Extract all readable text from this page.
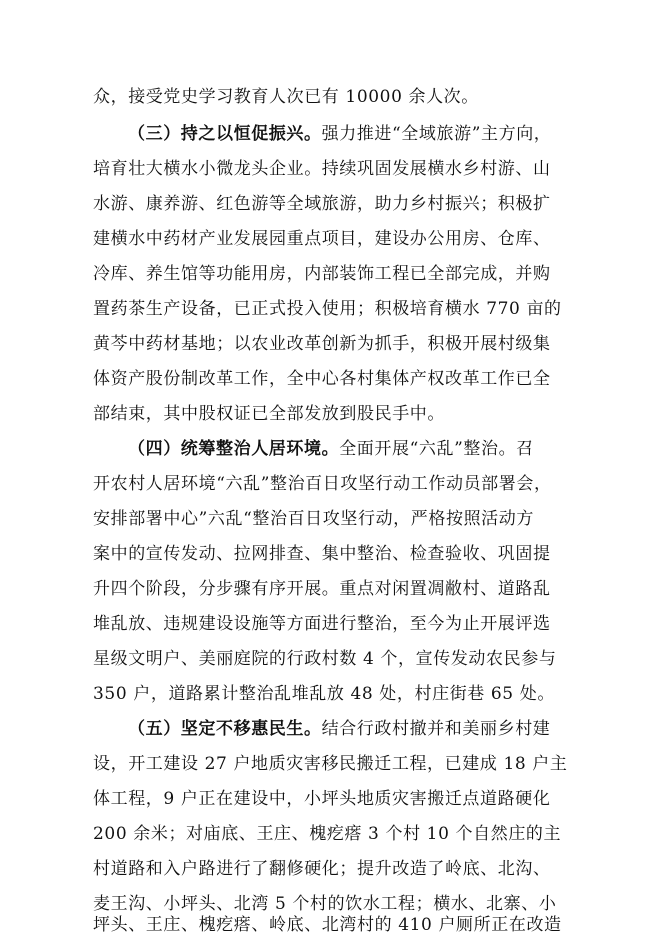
众，接受党史学习教育人次已有 10000 余人次。
（三）持之以恒促振兴。强力推进“全域旅游”主方向，
培育壮大横水小微龙头企业。持续巩固发展横水乡村游、山
水游、康养游、红色游等全域旅游，助力乡村振兴；积极扩
建横水中药材产业发展园重点项目，建设办公用房、仓库、
冷库、养生馆等功能用房，内部装饰工程已全部完成，并购
置药茶生产设备，已正式投入使用；积极培育横水 770 亩的
黄芩中药材基地；以农业改革创新为抓手，积极开展村级集
体资产股份制改革工作，全中心各村集体产权改革工作已全
部结束，其中股权证已全部发放到股民手中。
（四）统筹整治人居环境。全面开展“六乱”整治。召
开农村人居环境“六乱”整治百日攻坚行动工作动员部署会，
安排部署中心”六乱“整治百日攻坚行动，严格按照活动方
案中的宣传发动、拉网排查、集中整治、检查验收、巩固提
升四个阶段，分步骤有序开展。重点对闲置凋敝村、道路乱
堆乱放、违规建设设施等方面进行整治，至今为止开展评选
星级文明户、美丽庭院的行政村数 4 个，宣传发动农民参与
350 户，道路累计整治乱堆乱放 48 处，村庄街巷 65 处。
（五）坚定不移惠民生。结合行政村撤并和美丽乡村建
设，开工建设 27 户地质灾害移民搬迁工程，已建成 18 户主
体工程，9 户正在建设中，小坪头地质灾害搬迁点道路硬化
200 余米；对庙底、王庄、槐疙瘩 3 个村 10 个自然庄的主
村道路和入户路进行了翻修硬化；提升改造了岭底、北沟、
麦王沟、小坪头、北湾 5 个村的饮水工程；横水、北寨、小
坪头、王庄、槐疙瘩、岭底、北湾村的 410 户厕所正在改造
